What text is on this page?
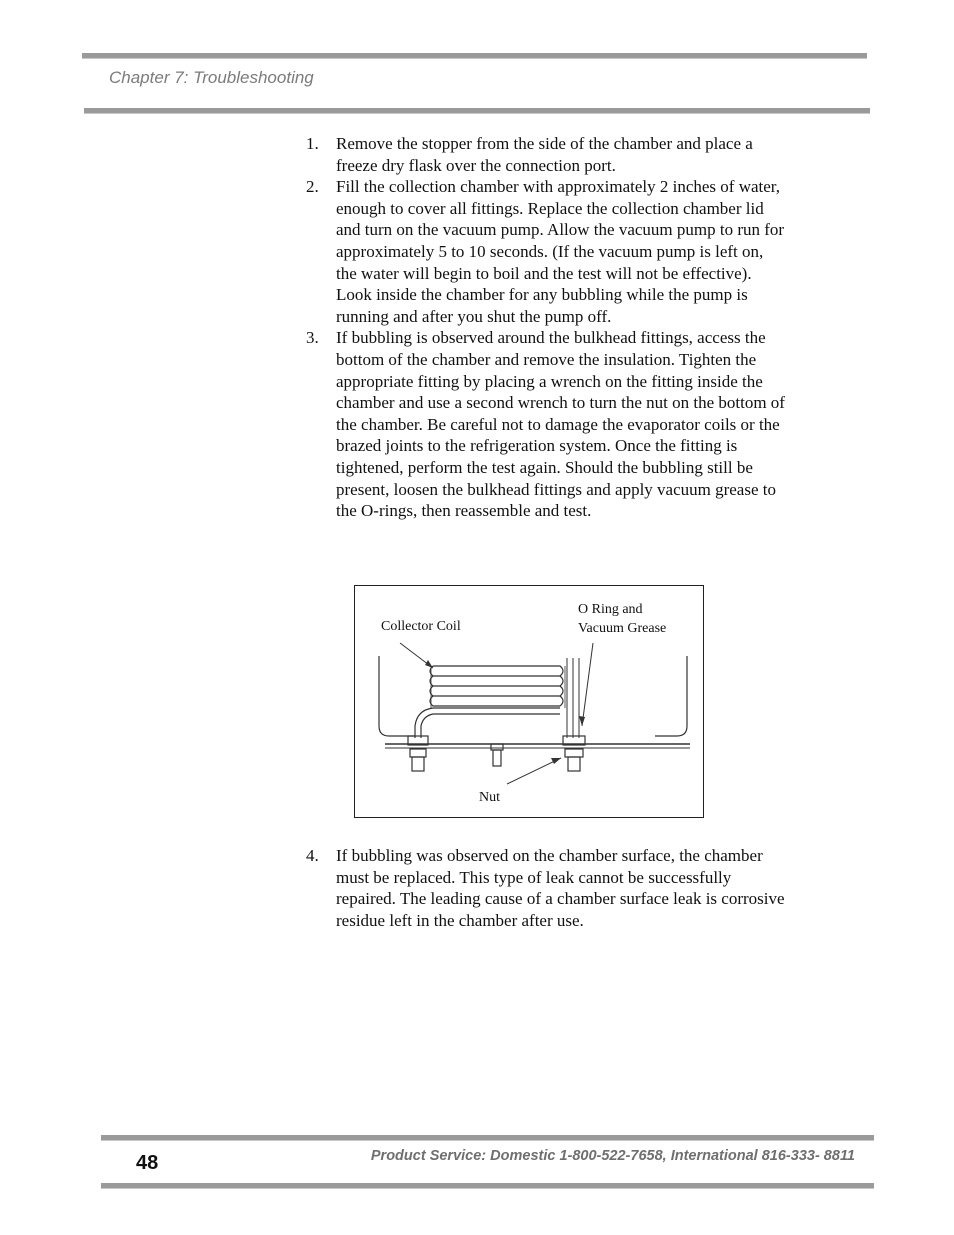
Chapter 7: Troubleshooting
1. Remove the stopper from the side of the chamber and place a freeze dry flask over the connection port.
2. Fill the collection chamber with approximately 2 inches of water, enough to cover all fittings. Replace the collection chamber lid and turn on the vacuum pump. Allow the vacuum pump to run for approximately 5 to 10 seconds. (If the vacuum pump is left on, the water will begin to boil and the test will not be effective). Look inside the chamber for any bubbling while the pump is running and after you shut the pump off.
3. If bubbling is observed around the bulkhead fittings, access the bottom of the chamber and remove the insulation. Tighten the appropriate fitting by placing a wrench on the fitting inside the chamber and use a second wrench to turn the nut on the bottom of the chamber. Be careful not to damage the evaporator coils or the brazed joints to the refrigeration system. Once the fitting is tightened, perform the test again. Should the bubbling still be present, loosen the bulkhead fittings and apply vacuum grease to the O-rings, then reassemble and test.
Collector Coil
O Ring and
Vacuum Grease
Nut
4. If bubbling was observed on the chamber surface, the chamber must be replaced. This type of leak cannot be successfully repaired. The leading cause of a chamber surface leak is corrosive residue left in the chamber after use.
48	Product Service: Domestic 1-800-522-7658, International 816-333- 8811
